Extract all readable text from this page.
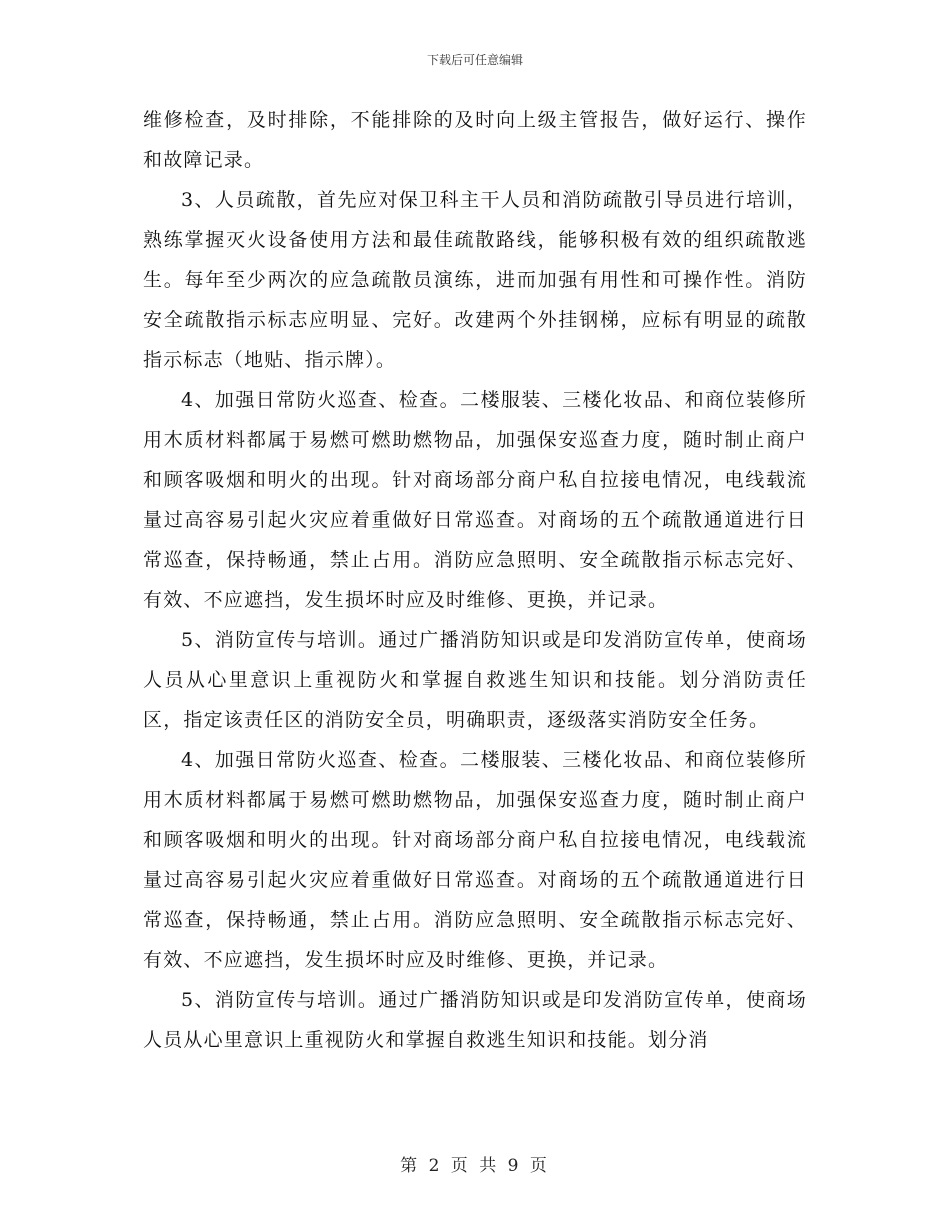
下载后可任意编辑

维修检查，及时排除，不能排除的及时向上级主管报告，做好运行、操作和故障记录。

3、人员疏散，首先应对保卫科主干人员和消防疏散引导员进行培训，熟练掌握灭火设备使用方法和最佳疏散路线，能够积极有效的组织疏散逃生。每年至少两次的应急疏散员演练，进而加强有用性和可操作性。消防安全疏散指示标志应明显、完好。改建两个外挂钢梯，应标有明显的疏散指示标志（地贴、指示牌）。

4、加强日常防火巡查、检查。二楼服装、三楼化妆品、和商位装修所用木质材料都属于易燃可燃助燃物品，加强保安巡查力度，随时制止商户和顾客吸烟和明火的出现。针对商场部分商户私自拉接电情况，电线载流量过高容易引起火灾应着重做好日常巡查。对商场的五个疏散通道进行日常巡查，保持畅通，禁止占用。消防应急照明、安全疏散指示标志完好、有效、不应遮挡，发生损坏时应及时维修、更换，并记录。

5、消防宣传与培训。通过广播消防知识或是印发消防宣传单，使商场人员从心里意识上重视防火和掌握自救逃生知识和技能。划分消防责任区，指定该责任区的消防安全员，明确职责，逐级落实消防安全任务。

4、加强日常防火巡查、检查。二楼服装、三楼化妆品、和商位装修所用木质材料都属于易燃可燃助燃物品，加强保安巡查力度，随时制止商户和顾客吸烟和明火的出现。针对商场部分商户私自拉接电情况，电线载流量过高容易引起火灾应着重做好日常巡查。对商场的五个疏散通道进行日常巡查，保持畅通，禁止占用。消防应急照明、安全疏散指示标志完好、有效、不应遮挡，发生损坏时应及时维修、更换，并记录。

5、消防宣传与培训。通过广播消防知识或是印发消防宣传单，使商场人员从心里意识上重视防火和掌握自救逃生知识和技能。划分消

第 2 页 共 9 页
